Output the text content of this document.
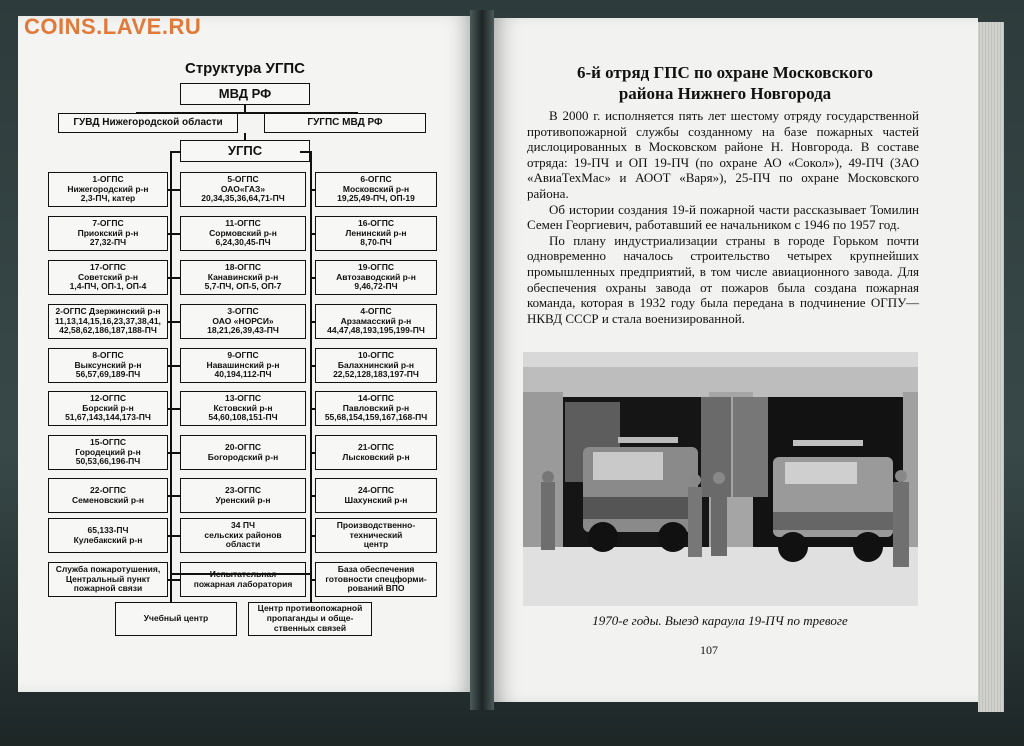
COINS.LAVE.RU
Структура УГПС
МВД РФ
ГУВД Нижегородской области	ГУГПС МВД РФ
УГПС
1-ОГПС
Нижегородский р-н
2,3-ПЧ, катер
7-ОГПС
Приокский р-н
27,32-ПЧ
17-ОГПС
Советский р-н
1,4-ПЧ, ОП-1, ОП-4
2-ОГПС Дзержинский р-н
11,13,14,15,16,23,37,38,41,
42,58,62,186,187,188-ПЧ
8-ОГПС
Выксунский р-н
56,57,69,189-ПЧ
12-ОГПС
Борский р-н
51,67,143,144,173-ПЧ
15-ОГПС
Городецкий р-н
50,53,66,196-ПЧ
22-ОГПС
Семеновский р-н
65,133-ПЧ
Кулебакский р-н
Служба пожаротушения,
Центральный пункт
пожарной связи
5-ОГПС
ОАО«ГАЗ»
20,34,35,36,64,71-ПЧ
11-ОГПС
Сормовский р-н
6,24,30,45-ПЧ
18-ОГПС
Канавинский р-н
5,7-ПЧ, ОП-5, ОП-7
3-ОГПС
ОАО «НОРСИ»
18,21,26,39,43-ПЧ
9-ОГПС
Навашинский р-н
40,194,112-ПЧ
13-ОГПС
Кстовский р-н
54,60,108,151-ПЧ
20-ОГПС
Богородский р-н
23-ОГПС
Уренский р-н
34 ПЧ
сельских районов
области
пожарная лаборатория
6-ОГПС
Московский р-н
19,25,49-ПЧ, ОП-19
16-ОГПС
Ленинский р-н
8,70-ПЧ
19-ОГПС
Автозаводский р-н
9,46,72-ПЧ
4-ОГПС
Арзамасский р-н
44,47,48,193,195,199-ПЧ
10-ОГПС
Балахнинский р-н
22,52,128,183,197-ПЧ
14-ОГПС
Павловский р-н
55,68,154,159,167,168-ПЧ
21-ОГПС
Лысковский р-н
24-ОГПС
Шахунский р-н
Производственно-
технический
центр
База обеспечения
готовности спецформи-
рований ВПО
Учебный центр
Центр противопожарной
пропаганды и обще-
ственных связей
6-й отряд ГПС по охране Московского
района Нижнего Новгорода

В 2000 г. исполняется пять лет шестому отряду государственной противопожарной службы созданному на базе пожарных частей дислоцированных в Московском районе Н. Новгорода. В составе отряда: 19-ПЧ и ОП 19-ПЧ (по охране АО «Сокол»), 49-ПЧ (ЗАО «АвиаТехМас» и АООТ «Варя»), 25-ПЧ по охране Московского района.

Об истории создания 19-й пожарной части рассказывает Томилин Семен Георгиевич, работавший ее начальником с 1946 по 1957 год.

По плану индустриализации страны в городе Горьком почти одновременно началось строительство четырех крупнейших промышленных предприятий, в том числе авиационного завода. Для обеспечения охраны завода от пожаров была создана пожарная команда, которая в 1932 году была передана в подчинение ОГПУ—НКВД СССР и стала военизированной.

1970-е годы. Выезд караула 19-ПЧ по тревоге
107
